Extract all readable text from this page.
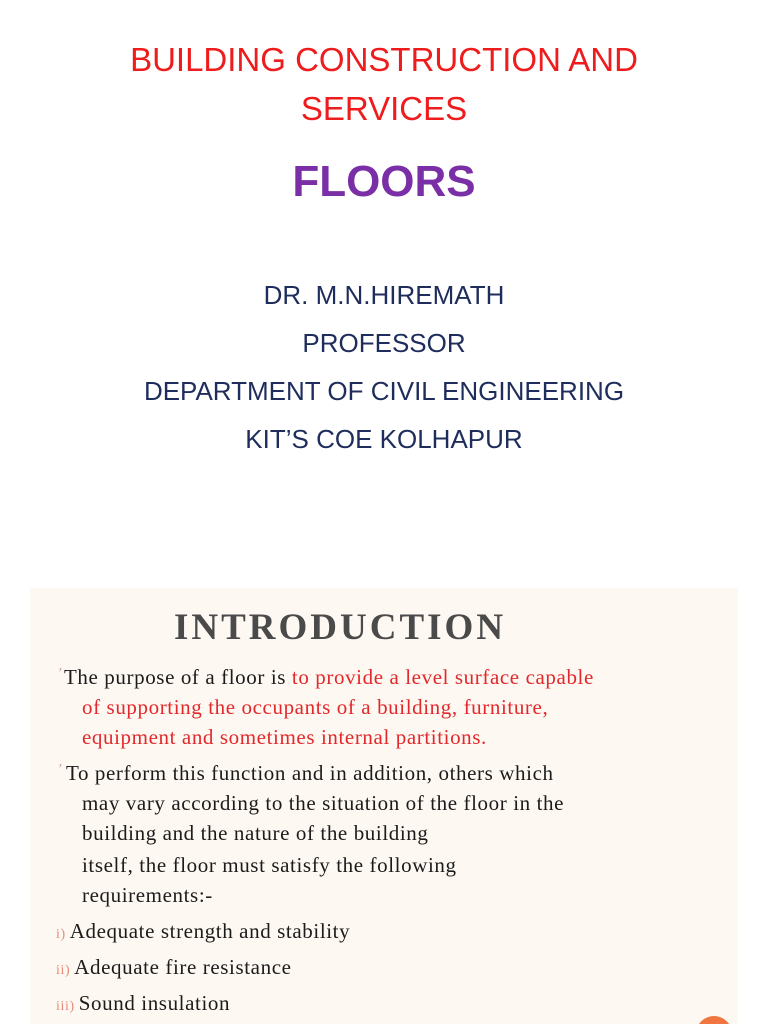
BUILDING CONSTRUCTION AND
SERVICES
FLOORS
DR. M.N.HIREMATH
PROFESSOR
DEPARTMENT OF CIVIL ENGINEERING
KIT’S COE KOLHAPUR
INTRODUCTION
’ The purpose of a floor is to provide a level surface capable
of supporting the occupants of a building, furniture,
equipment and sometimes internal partitions.
’ To perform this function and in addition, others which
may vary according to the situation of the floor in the
building and the nature of the building
itself, the floor must satisfy the following
requirements:-
i) Adequate strength and stability
ii) Adequate fire resistance
iii) Sound insulation
